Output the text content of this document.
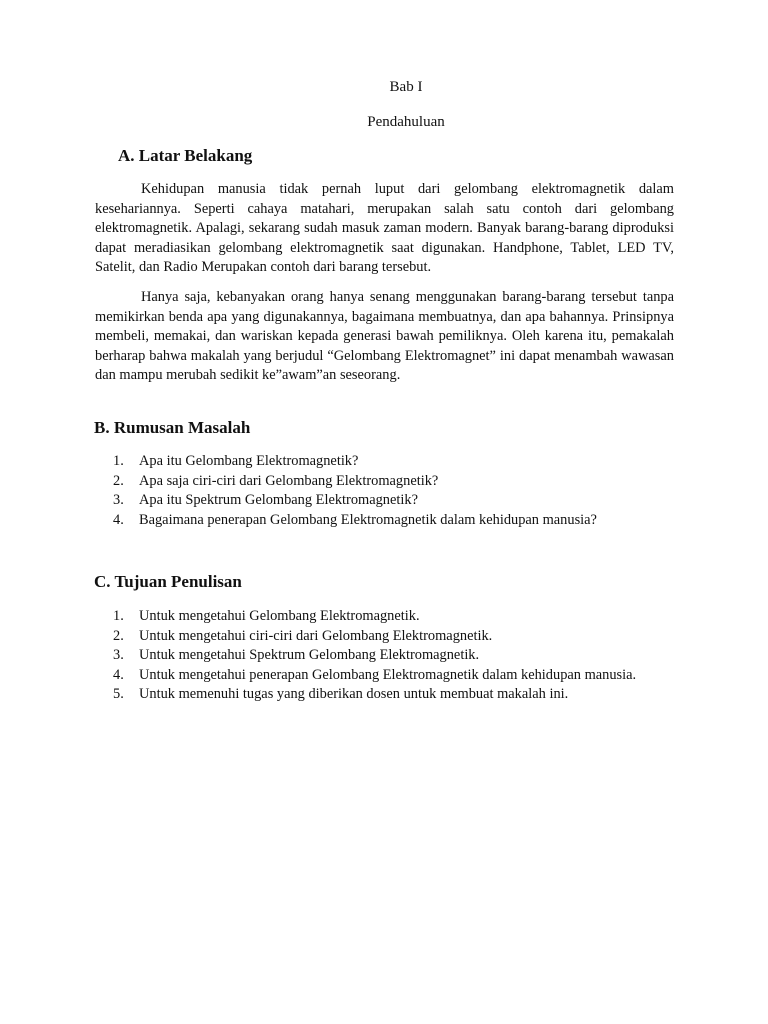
Bab I
Pendahuluan
A. Latar Belakang

Kehidupan manusia tidak pernah luput dari gelombang elektromagnetik dalam kesehariannya. Seperti cahaya matahari, merupakan salah satu contoh dari gelombang elektromagnetik. Apalagi, sekarang sudah masuk zaman modern. Banyak barang-barang diproduksi dapat meradiasikan gelombang elektromagnetik saat digunakan. Handphone, Tablet, LED TV, Satelit, dan Radio Merupakan contoh dari barang tersebut.

Hanya saja, kebanyakan orang hanya senang menggunakan barang-barang tersebut tanpa memikirkan benda apa yang digunakannya, bagaimana membuatnya, dan apa bahannya. Prinsipnya membeli, memakai, dan wariskan kepada generasi bawah pemiliknya. Oleh karena itu, pemakalah berharap bahwa makalah yang berjudul “Gelombang Elektromagnet” ini dapat menambah wawasan dan mampu merubah sedikit ke”awam”an seseorang.

B. Rumusan Masalah
1. Apa itu Gelombang Elektromagnetik?
2. Apa saja ciri-ciri dari Gelombang Elektromagnetik?
3. Apa itu Spektrum Gelombang Elektromagnetik?
4. Bagaimana penerapan Gelombang Elektromagnetik dalam kehidupan manusia?
C. Tujuan Penulisan
1. Untuk mengetahui Gelombang Elektromagnetik.
2. Untuk mengetahui ciri-ciri dari Gelombang Elektromagnetik.
3. Untuk mengetahui Spektrum Gelombang Elektromagnetik.
4. Untuk mengetahui penerapan Gelombang Elektromagnetik dalam kehidupan manusia.
5. Untuk memenuhi tugas yang diberikan dosen untuk membuat makalah ini.
